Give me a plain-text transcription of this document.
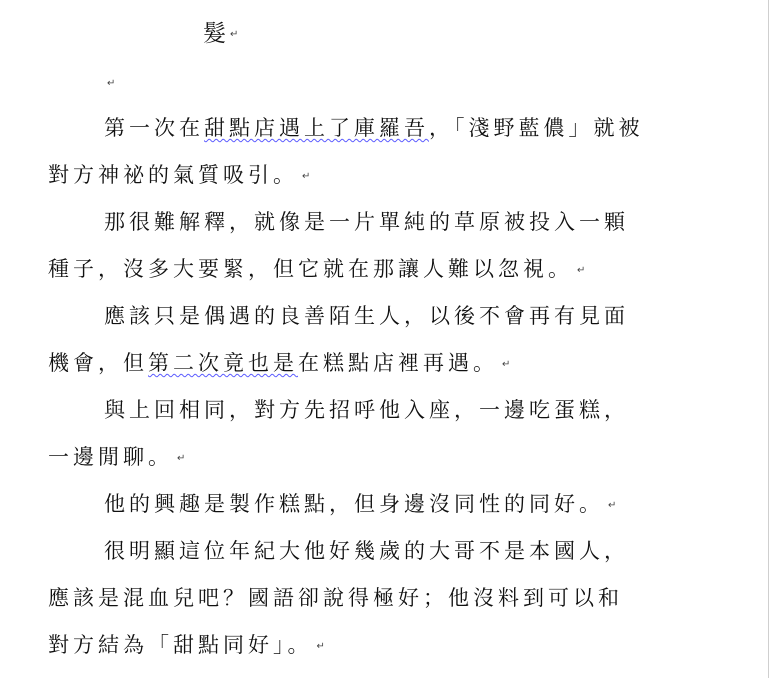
髮 ↵
↵
第一次在甜點店遇上了庫羅吾，「淺野藍儂」就被
對方神祕的氣質吸引。 ↵
那很難解釋，就像是一片單純的草原被投入一顆
種子，沒多大要緊，但它就在那讓人難以忽視。 ↵
應該只是偶遇的良善陌生人，以後不會再有見面
機會，但第二次竟也是在糕點店裡再遇。 ↵
與上回相同，對方先招呼他入座，一邊吃蛋糕，
一邊閒聊。 ↵
他的興趣是製作糕點，但身邊沒同性的同好。 ↵
很明顯這位年紀大他好幾歲的大哥不是本國人，
應該是混血兒吧？國語卻說得極好；他沒料到可以和
對方結為「甜點同好」。 ↵
